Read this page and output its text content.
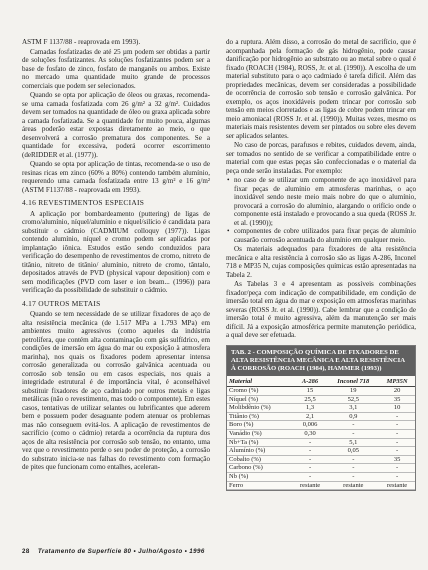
ASTM F 1137/88 - reaprovada em 1993).

Camadas fosfatizadas de até 25 µm podem ser obtidas a partir de soluções fosfatizantes. As soluções fosfatizantes podem ser a base de fosfato de zinco, fosfato de manganês ou ambos. Existe no mercado uma quantidade muito grande de processos comerciais que podem ser selecionados.

Quando se opta por aplicação de óleos ou graxas, recomenda-se uma camada fosfatizada com 26 g/m² a 32 g/m². Cuidados devem ser tomados na quantidade de óleo ou graxa aplicada sobre a camada fosfatizada. Se a quantidade for muito pouca, algumas áreas poderão estar expostas diretamente ao meio, o que desenvolverá a corrosão prematura dos componentes. Se a quantidade for excessiva, poderá ocorrer escorrimento (deRIDDER et al. (1977)).

Quando se opta por aplicação de tintas, recomenda-se o uso de resinas ricas em zinco (60% a 80%) contendo também alumínio, requerendo uma camada fosfatizada entre 13 g/m² e 16 g/m² (ASTM F1137/88 - reaprovada em 1993).

4.16 REVESTIMENTOS ESPECIAIS

A aplicação por bombardeamento (puttering) de ligas de cromo/alumínio, níquel/alumínio e níquel/silício é candidata para substituir o cádmio (CADMIUM colloquy (1977)). Ligas contendo alumínio, níquel e cromo podem ser aplicadas por implantação iônica. Estudos estão sendo conduzidos para verificação do desempenho de revestimentos de cromo, nitreto de titânio, nitreto de titânio/ alumínio, nitreto de cromo, tântalo, depositados através de PVD (physical vapour deposition) com e sem modificações (PVD com laser e ion beam... (1996)) para verificação da possibilidade de substituir o cádmio.

4.17 OUTROS METAIS

Quando se tem necessidade de se utilizar fixadores de aço de alta resistência mecânica (de 1.517 MPa a 1.793 MPa) em ambientes muito agressivos (como aqueles da indústria petrolífera, que contém alta contaminação com gás sulfídrico, em condições de imersão em água do mar ou exposição à atmosfera marinha), nos quais os fixadores podem apresentar intensa corrosão generalizada ou corrosão galvânica acentuada ou corrosão sob tensão ou em casos especiais, nos quais a integridade estrutural é de importância vital, é aconselhável substituir fixadores de aço cadmiado por outros metais e ligas metálicas (não o revestimento, mas todo o componente). Em estes casos, tentativas de utilizar selantes ou lubrificantes que aderem bem e possuem poder desaguante podem atenuar os problemas mas não conseguem evitá-los. A aplicação de revestimentos de sacrifício (como o cádmio) retarda a ocorrência da ruptura dos aços de alta resistência por corrosão sob tensão, no entanto, uma vez que o revestimento perde o seu poder de proteção, a corrosão do substrato inicia-se nas falhas do revestimento com formação de pites que funcionam como entalhes, aceleran-

do a ruptura. Além disso, a corrosão do metal de sacrifício, que é acompanhada pela formação de gás hidrogênio, pode causar danificação por hidrogênio ao substrato ou ao metal sobre o qual é fixado (ROACH (1984), ROSS, Jr. et al. (1990)). A escolha de um material substituto para o aço cadmiado é tarefa difícil. Além das propriedades mecânicas, devem ser consideradas a possibilidade de ocorrência de corrosão sob tensão e corrosão galvânica. Por exemplo, os aços inoxidáveis podem trincar por corrosão sob tensão em meios clorretados e as ligas de cobre podem trincar em meio amoniacal (ROSS Jr. et al. (1990)). Muitas vezes, mesmo os materiais mais resistentes devem ser pintados ou sobre eles devem ser aplicados selantes.

No caso de porcas, parafusos e rebites, cuidados devem, ainda, ser tomados no sentido de se verificar a compatibilidade entre o material com que estas peças são confeccionadas e o material da peça onde serão instaladas. Por exemplo:

• no caso de se utilizar um componente de aço inoxidável para fixar peças de alumínio em atmosferas marinhas, o aço inoxidável sendo neste meio mais nobre do que o alumínio, provocará a corrosão do alumínio, alargando o orifício onde o componente está instalado e provocando a sua queda (ROSS Jr. et al. (1990));
• componentes de cobre utilizados para fixar peças de alumínio causarão corrosão acentuada do alumínio em qualquer meio.

Os materiais adequados para fixadores de alta resistência mecânica e alta resistência à corrosão são as ligas A-286, Inconel 718 e MP35 N, cujas composições químicas estão apresentadas na Tabela 2.

As Tabelas 3 e 4 apresentam as possíveis combinações fixador/peça com indicação de compatibilidade, em condição de imersão total em água do mar e exposição em atmosferas marinhas severas (ROSS Jr. et al. (1990)). Cabe lembrar que a condição de imersão total é muito agressiva, além da manutenção ser mais difícil. Já a exposição atmosférica permite manutenção periódica, a qual deve ser efetuada.

TAB. 2 - COMPOSIÇÃO QUÍMICA DE FIXADORES DE ALTA RESISTÊNCIA MECÂNICA E ALTA RESISTÊNCIA À CORROSÃO (ROACH (1984), HAMMER (1993))
Material	A-286	Inconel 718	MP35N
Cromo (%)	15	19	20
Níquel (%)	25,5	52,5	35
Molibdênio (%)	1,3	3,1	10
Titânio (%)	2,1	0,9	-
Boro (%)	0,006	-	-
Vanádio (%)	0,30	-	-
Nb+Ta (%)	-	5,1	-
Alumínio (%)	-	0,05	-
Cobalto (%)	-	-	35
Carbono (%)	-	-	-
Nb (%)	-	-	-
Ferro	restante	restante	restante
28 Tratamento de Superfície 80 • Julho/Agosto • 1996
